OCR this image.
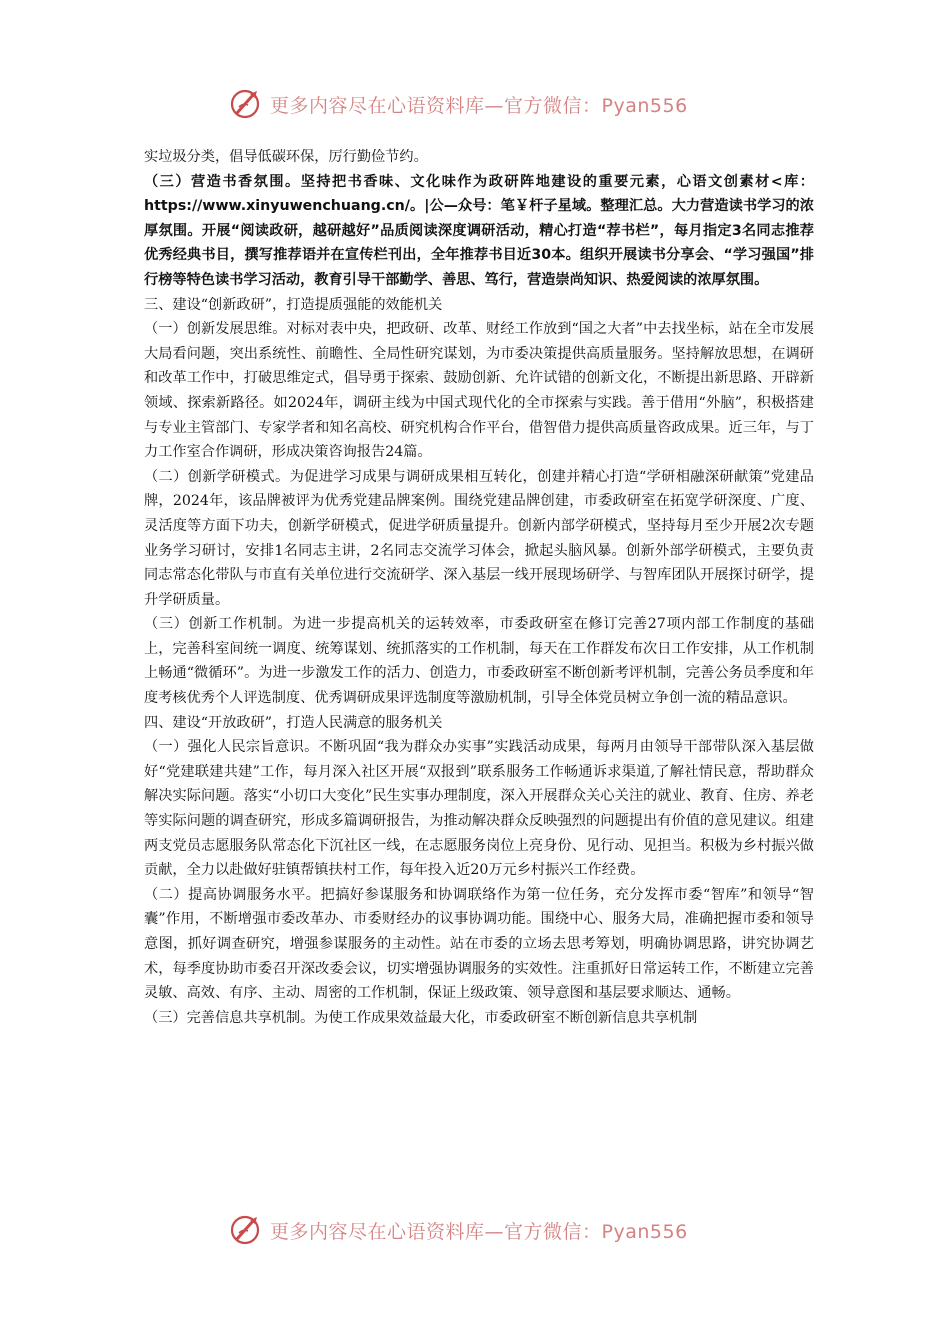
更多内容尽在心语资料库—官方微信：Pyan556

实垃圾分类，倡导低碳环保，厉行勤俭节约。

（三）营造书香氛围。坚持把书香味、文化味作为政研阵地建设的重要元素，心语文创素材<库：https://www.xinyuwenchuang.cn/。|公—众号：笔￥杆子星域。整理汇总。大力营造读书学习的浓厚氛围。开展“阅读政研，越研越好”品质阅读深度调研活动，精心打造“荐书栏”，每月指定3名同志推荐优秀经典书目，撰写推荐语并在宣传栏刊出，全年推荐书目近30本。组织开展读书分享会、“学习强国”排行榜等特色读书学习活动，教育引导干部勤学、善思、笃行，营造崇尚知识、热爱阅读的浓厚氛围。

三、建设“创新政研”，打造提质强能的效能机关

（一）创新发展思维。对标对表中央，把政研、改革、财经工作放到“国之大者”中去找坐标，站在全市发展大局看问题，突出系统性、前瞻性、全局性研究谋划，为市委决策提供高质量服务。坚持解放思想，在调研和改革工作中，打破思维定式，倡导勇于探索、鼓励创新、允许试错的创新文化，不断提出新思路、开辟新领域、探索新路径。如2024年，调研主线为中国式现代化的全市探索与实践。善于借用“外脑”，积极搭建与专业主管部门、专家学者和知名高校、研究机构合作平台，借智借力提供高质量咨政成果。近三年，与丁力工作室合作调研，形成决策咨询报告24篇。

（二）创新学研模式。为促进学习成果与调研成果相互转化，创建并精心打造“学研相融深研献策”党建品牌，2024年，该品牌被评为优秀党建品牌案例。围绕党建品牌创建，市委政研室在拓宽学研深度、广度、灵活度等方面下功夫，创新学研模式，促进学研质量提升。创新内部学研模式，坚持每月至少开展2次专题业务学习研讨，安排1名同志主讲，2名同志交流学习体会，掀起头脑风暴。创新外部学研模式，主要负责同志常态化带队与市直有关单位进行交流研学、深入基层一线开展现场研学、与智库团队开展探讨研学，提升学研质量。

（三）创新工作机制。为进一步提高机关的运转效率，市委政研室在修订完善27项内部工作制度的基础上，完善科室间统一调度、统筹谋划、统抓落实的工作机制，每天在工作群发布次日工作安排，从工作机制上畅通“微循环”。为进一步激发工作的活力、创造力，市委政研室不断创新考评机制，完善公务员季度和年度考核优秀个人评选制度、优秀调研成果评选制度等激励机制，引导全体党员树立争创一流的精品意识。

四、建设“开放政研”，打造人民满意的服务机关

（一）强化人民宗旨意识。不断巩固“我为群众办实事”实践活动成果，每两月由领导干部带队深入基层做好“党建联建共建”工作，每月深入社区开展“双报到”联系服务工作畅通诉求渠道,了解社情民意，帮助群众解决实际问题。落实“小切口大变化”民生实事办理制度，深入开展群众关心关注的就业、教育、住房、养老等实际问题的调查研究，形成多篇调研报告，为推动解决群众反映强烈的问题提出有价值的意见建议。组建两支党员志愿服务队常态化下沉社区一线，在志愿服务岗位上亮身份、见行动、见担当。积极为乡村振兴做贡献，全力以赴做好驻镇帮镇扶村工作，每年投入近20万元乡村振兴工作经费。

（二）提高协调服务水平。把搞好参谋服务和协调联络作为第一位任务，充分发挥市委“智库”和领导“智囊”作用，不断增强市委改革办、市委财经办的议事协调功能。围绕中心、服务大局，准确把握市委和领导意图，抓好调查研究，增强参谋服务的主动性。站在市委的立场去思考筹划，明确协调思路，讲究协调艺术，每季度协助市委召开深改委会议，切实增强协调服务的实效性。注重抓好日常运转工作，不断建立完善灵敏、高效、有序、主动、周密的工作机制，保证上级政策、领导意图和基层要求顺达、通畅。

（三）完善信息共享机制。为使工作成果效益最大化，市委政研室不断创新信息共享机制

更多内容尽在心语资料库—官方微信：Pyan556
